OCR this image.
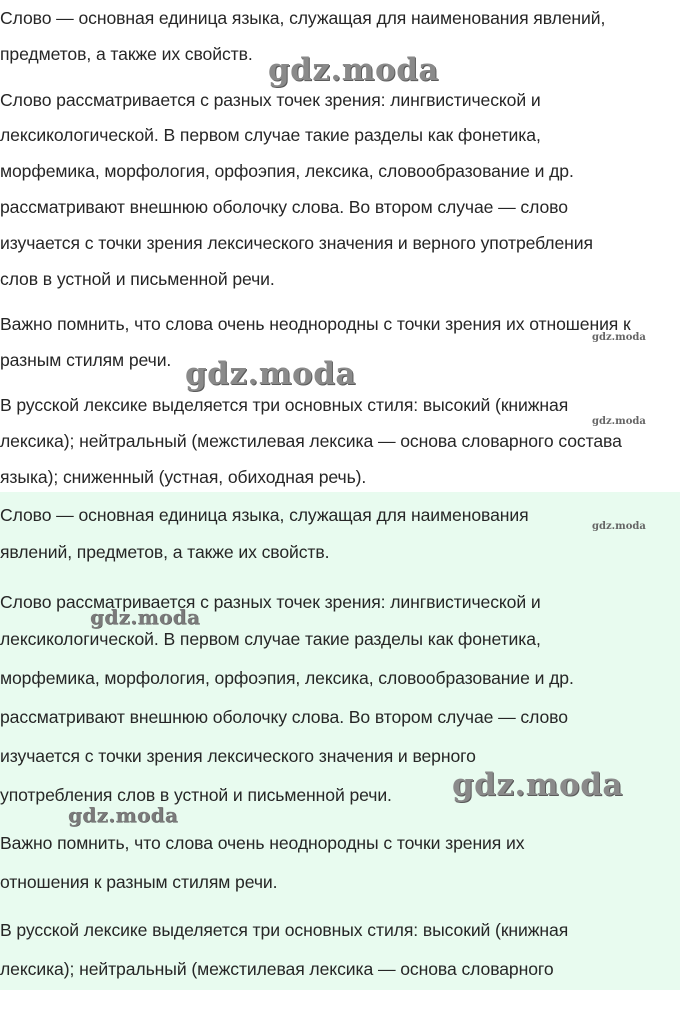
Слово — основная единица языка, служащая для наименования явлений,

предметов, а также их свойств.

Слово рассматривается с разных точек зрения: лингвистической и

лексикологической. В первом случае такие разделы как фонетика,

морфемика, морфология, орфоэпия, лексика, словообразование и др.

рассматривают внешнюю оболочку слова. Во втором случае — слово

изучается с точки зрения лексического значения и верного употребления

слов в устной и письменной речи.

Важно помнить, что слова очень неоднородны с точки зрения их отношения к

разным стилям речи.

В русской лексике выделяется три основных стиля: высокий (книжная

лексика); нейтральный (межстилевая лексика — основа словарного состава

языка); сниженный (устная, обиходная речь).

gdz.moda
gdz.moda
gdz.moda
gdz.moda

Слово — основная единица языка, служащая для наименования

явлений, предметов, а также их свойств.

Слово рассматривается с разных точек зрения: лингвистической и

лексикологической. В первом случае такие разделы как фонетика,

морфемика, морфология, орфоэпия, лексика, словообразование и др.

рассматривают внешнюю оболочку слова. Во втором случае — слово

изучается с точки зрения лексического значения и верного

употребления слов в устной и письменной речи.

Важно помнить, что слова очень неоднородны с точки зрения их

отношения к разным стилям речи.

В русской лексике выделяется три основных стиля: высокий (книжная

лексика); нейтральный (межстилевая лексика — основа словарного

gdz.moda
gdz.moda
gdz.moda
gdz.moda
